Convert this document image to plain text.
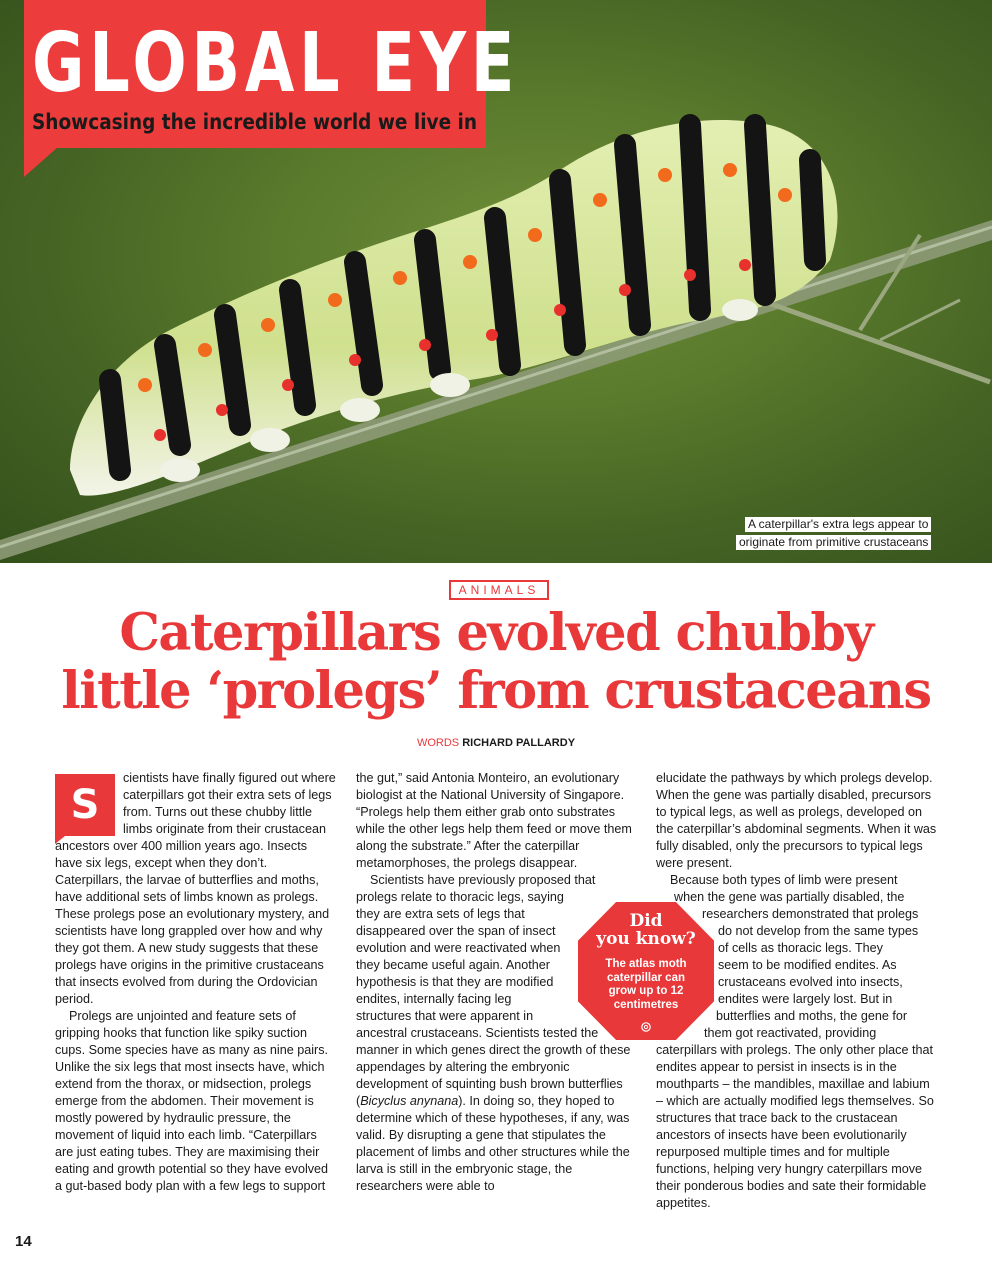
GLOBAL EYE
Showcasing the incredible world we live in
A caterpillar's extra legs appear to
originate from primitive crustaceans
ANIMALS
Caterpillars evolved chubby
little ‘prolegs’ from crustaceans
WORDS RICHARD PALLARDY
S

cientists have finally figured out where caterpillars got their extra sets of legs from. Turns out these chubby little limbs originate from their crustacean ancestors over 400 million years ago. Insects have six legs, except when they don’t. Caterpillars, the larvae of butterflies and moths, have additional sets of limbs known as prolegs. These prolegs pose an evolutionary mystery, and scientists have long grappled over how and why they got them. A new study suggests that these prolegs have origins in the primitive crustaceans that insects evolved from during the Ordovician period.

Prolegs are unjointed and feature sets of gripping hooks that function like spiky suction cups. Some species have as many as nine pairs. Unlike the six legs that most insects have, which extend from the thorax, or midsection, prolegs emerge from the abdomen. Their movement is mostly powered by hydraulic pressure, the movement of liquid into each limb. “Caterpillars are just eating tubes. They are maximising their eating and growth potential so they have evolved a gut-based body plan with a few legs to support

the gut,” said Antonia Monteiro, an evolutionary biologist at the National University of Singapore. “Prolegs help them either grab onto substrates while the other legs help them feed or move them along the substrate.” After the caterpillar metamorphoses, the prolegs disappear.

Scientists have previously proposed that
prolegs relate to thoracic legs, saying
they are extra sets of legs that
disappeared over the span of insect
evolution and were reactivated when
they became useful again. Another
hypothesis is that they are modified
endites, internally facing leg
structures that were apparent in
ancestral crustaceans. Scientists tested the manner in which genes direct the growth of these appendages by altering the embryonic development of squinting bush brown butterflies (Bicyclus anynana). In doing so, they hoped to determine which of these hypotheses, if any, was valid. By disrupting a gene that stipulates the placement of limbs and other structures while the larva is still in the embryonic stage, the researchers were able to

elucidate the pathways by which prolegs develop. When the gene was partially disabled, precursors to typical legs, as well as prolegs, developed on the caterpillar’s abdominal segments. When it was fully disabled, only the precursors to typical legs were present.

Because both types of limb were present
when the gene was partially disabled, the
researchers demonstrated that prolegs
do not develop from the same types
of cells as thoracic legs. They
seem to be modified endites. As
crustaceans evolved into insects,
endites were largely lost. But in
butterflies and moths, the gene for
them got reactivated, providing
caterpillars with prolegs. The only other place that endites appear to persist in insects is in the mouthparts – the mandibles, maxillae and labium – which are actually modified legs themselves. So structures that trace back to the crustacean ancestors of insects have been evolutionarily repurposed multiple times and for multiple functions, helping very hungry caterpillars move their ponderous bodies and sate their formidable appetites.

Did
you know?
The atlas moth caterpillar can grow up to 12 centimetres
14
